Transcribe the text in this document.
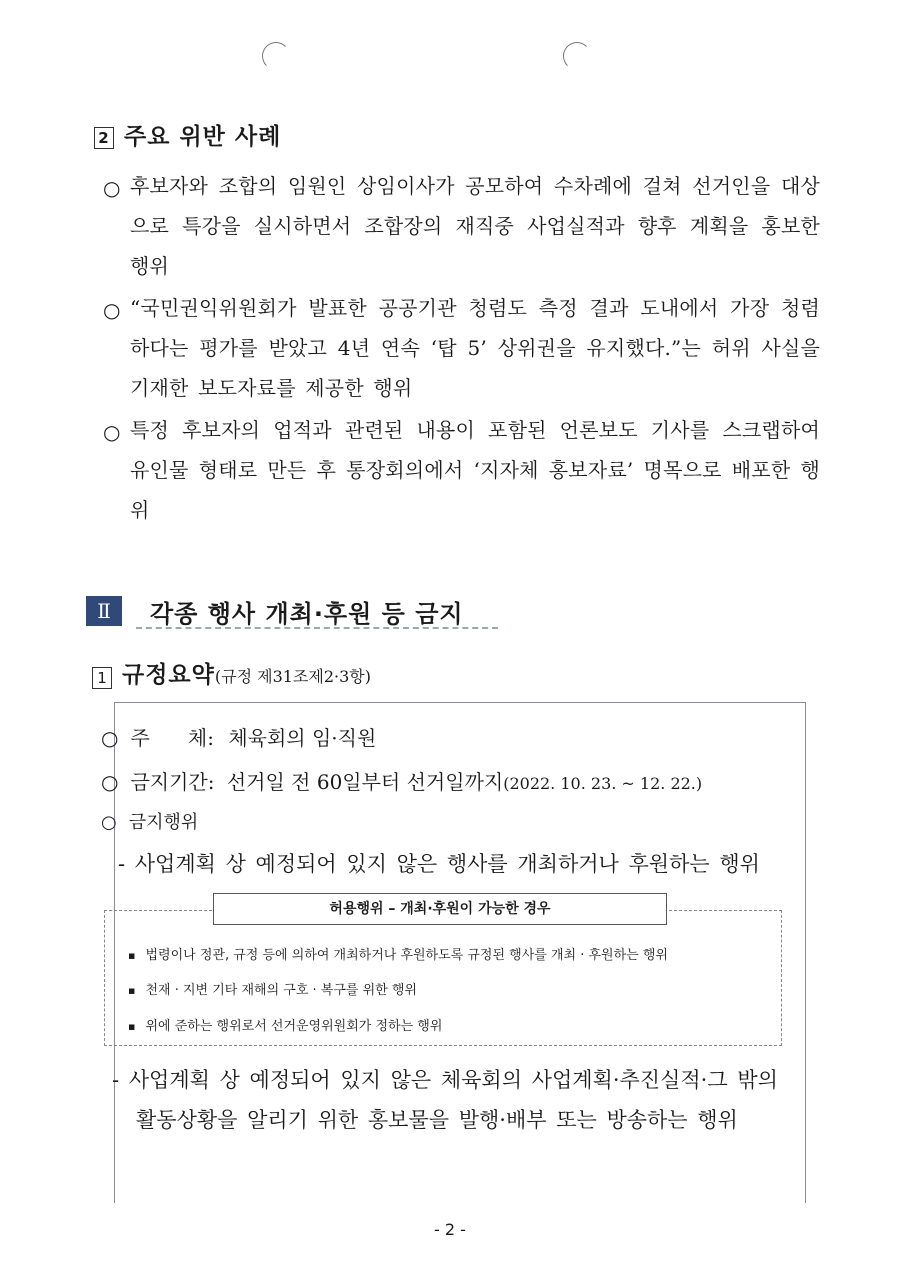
2 주요 위반 사례
○ 후보자와 조합의 임원인 상임이사가 공모하여 수차례에 걸쳐 선거인을 대상으로 특강을 실시하면서 조합장의 재직중 사업실적과 향후 계획을 홍보한 행위
○ “국민권익위원회가 발표한 공공기관 청렴도 측정 결과 도내에서 가장 청렴하다는 평가를 받았고 4년 연속 ‘탑 5’ 상위권을 유지했다.”는 허위 사실을 기재한 보도자료를 제공한 행위
○ 특정 후보자의 업적과 관련된 내용이 포함된 언론보도 기사를 스크랩하여 유인물 형태로 만든 후 통장회의에서 ‘지자체 홍보자료’ 명목으로 배포한 행위
Ⅱ	각종 행사 개최·후원 등 금지
1 규정요약(규정 제31조제2·3항)
○ 주      체: 체육회의 임·직원
○ 금지기간: 선거일 전 60일부터 선거일까지(2022. 10. 23. ~ 12. 22.)
○ 금지행위
- 사업계획 상 예정되어 있지 않은 행사를 개최하거나 후원하는 행위
허용행위 – 개최·후원이 가능한 경우
▪ 법령이나 정관, 규정 등에 의하여 개최하거나 후원하도록 규정된 행사를 개최 · 후원하는 행위
▪ 천재 · 지변 기타 재해의 구호 · 복구를 위한 행위
▪ 위에 준하는 행위로서 선거운영위원회가 정하는 행위
- 사업계획 상 예정되어 있지 않은 체육회의 사업계획·추진실적·그 밖의
활동상황을 알리기 위한 홍보물을 발행·배부 또는 방송하는 행위
- 2 -
